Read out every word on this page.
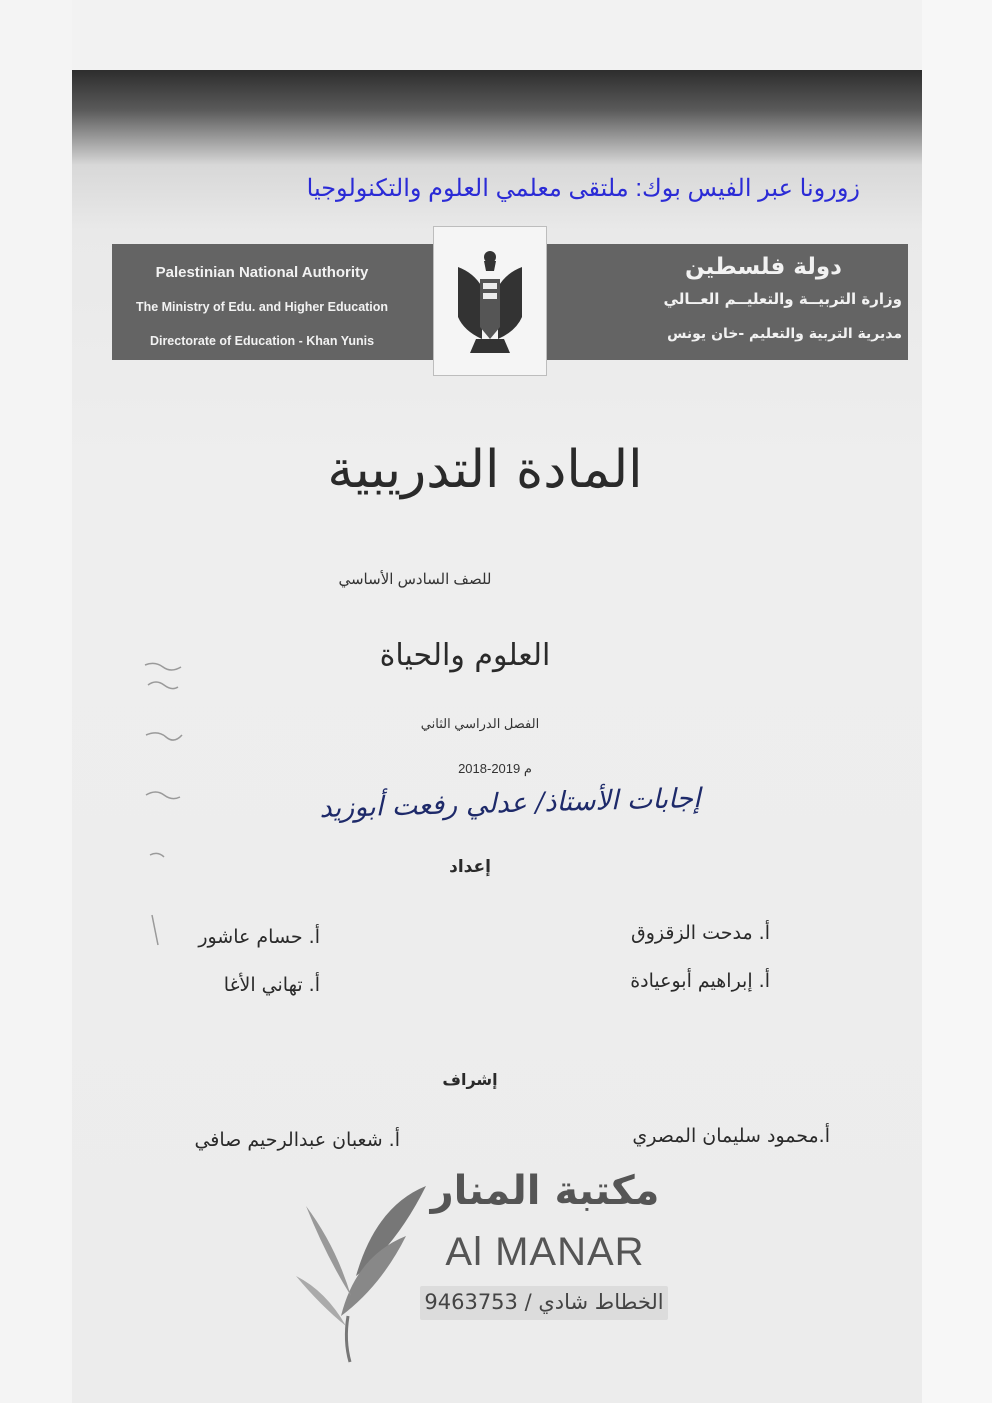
زورونا عبر الفيس بوك: ملتقى معلمي العلوم والتكنولوجيا
Palestinian National Authority
The Ministry of Edu. and Higher Education
Directorate of Education - Khan Yunis
دولة فلسطين
وزارة التربيــة والتعليــم العــالي
مديرية التربية والتعليم -خان يونس
المادة التدريبية
للصف السادس الأساسي
العلوم والحياة
الفصل الدراسي الثاني
2018-2019 م
إجابات الأستاذ/ عدلي رفعت أبوزيد
إعداد
أ. مدحت الزقزوق
أ. حسام عاشور
أ. إبراهيم أبوعيادة
أ. تهاني الأغا
إشراف
أ.محمود سليمان المصري
أ. شعبان عبدالرحيم صافي
مكتبة المنار
Al MANAR
الخطاط شادي / 9463753
